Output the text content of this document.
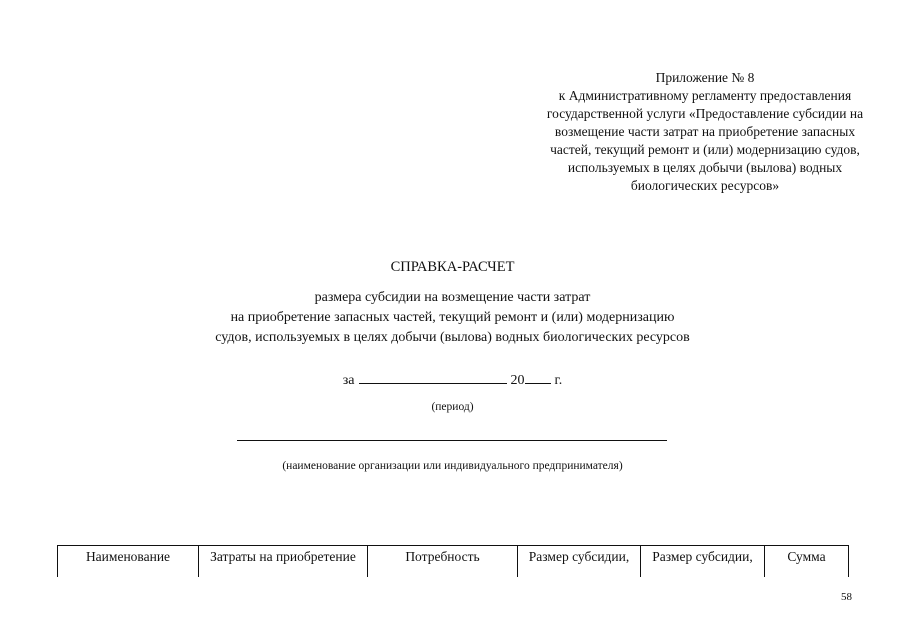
Приложение № 8
к Административному регламенту предоставления
государственной услуги «Предоставление субсидии на
возмещение части затрат на приобретение запасных
частей, текущий ремонт и (или) модернизацию судов,
используемых в целях добычи (вылова) водных
биологических ресурсов»
СПРАВКА-РАСЧЕТ
размера субсидии на возмещение части затрат
на приобретение запасных частей, текущий ремонт и (или) модернизацию
судов, используемых в целях добычи (вылова) водных биологических ресурсов
за	20 г.
(период)
(наименование организации или индивидуального предпринимателя)
Наименование	Затраты на приобретение	Потребность	Размер субсидии,	Размер субсидии,	Сумма
58
